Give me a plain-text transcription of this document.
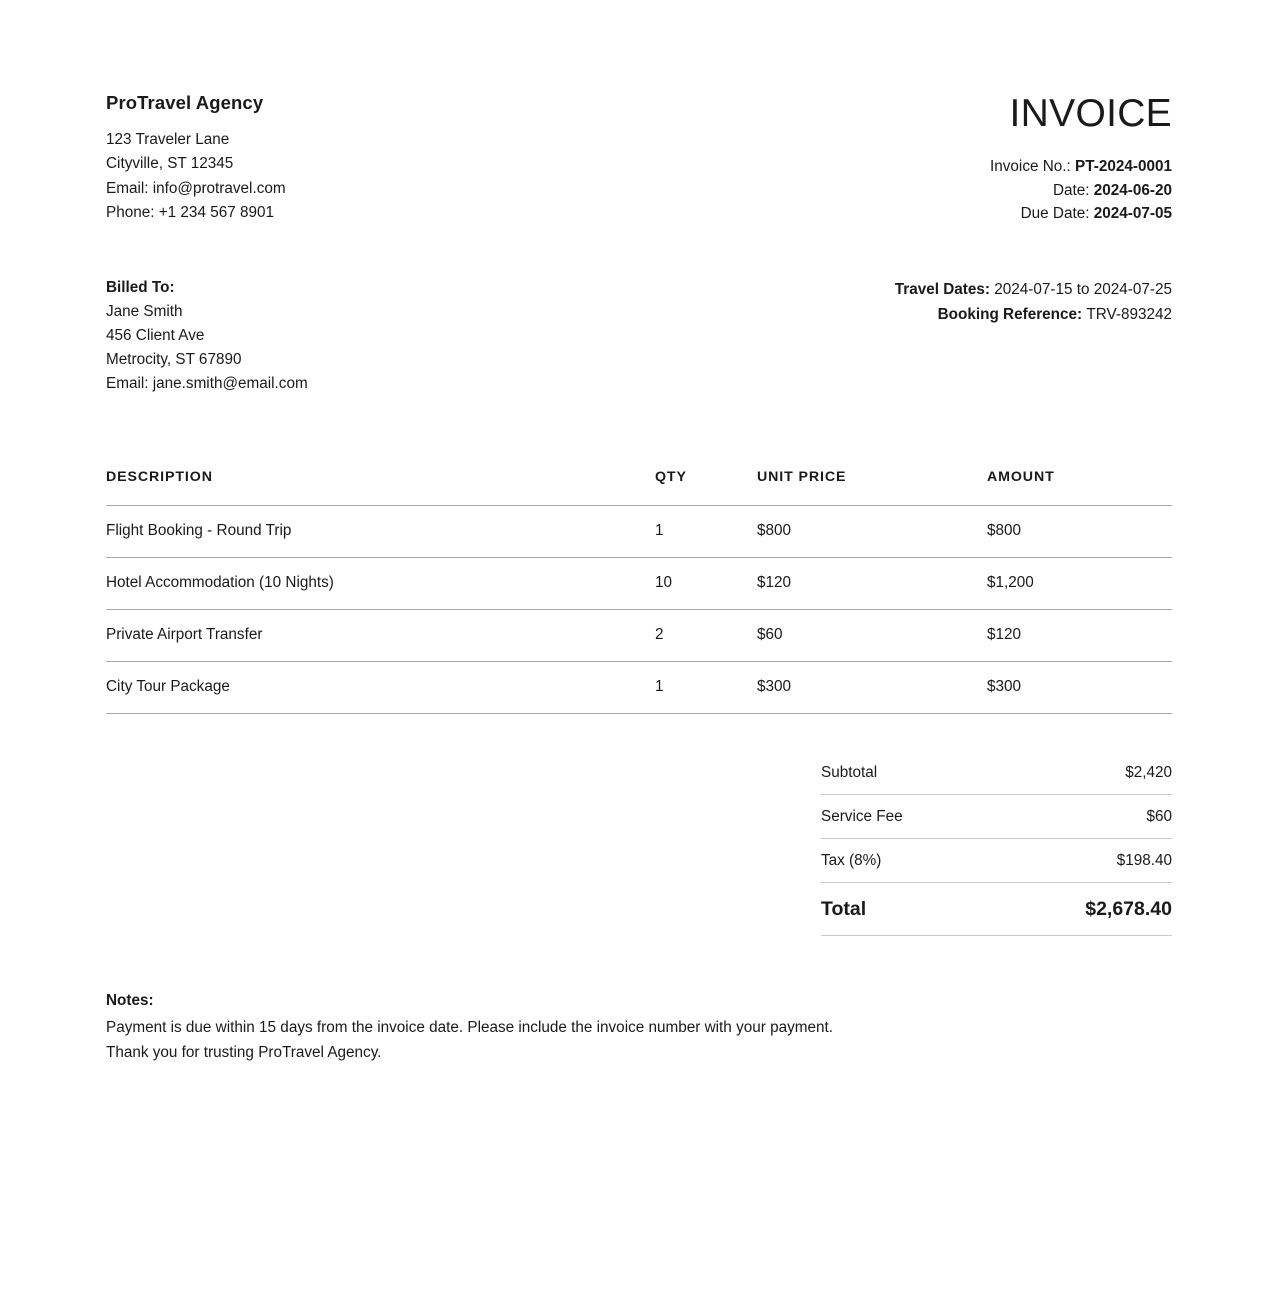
ProTravel Agency
123 Traveler Lane
Cityville, ST 12345
Email: info@protravel.com
Phone: +1 234 567 8901
INVOICE
Invoice No.: PT-2024-0001
Date: 2024-06-20
Due Date: 2024-07-05
Billed To:
Jane Smith
456 Client Ave
Metrocity, ST 67890
Email: jane.smith@email.com
Travel Dates: 2024-07-15 to 2024-07-25
Booking Reference: TRV-893242
DESCRIPTION	QTY	UNIT PRICE	AMOUNT
Flight Booking - Round Trip	1	$800	$800
Hotel Accommodation (10 Nights)	10	$120	$1,200
Private Airport Transfer	2	$60	$120
City Tour Package	1	$300	$300
Subtotal	$2,420
Service Fee	$60
Tax (8%)	$198.40
Total	$2,678.40
Notes:
Payment is due within 15 days from the invoice date. Please include the invoice number with your payment.
Thank you for trusting ProTravel Agency.
